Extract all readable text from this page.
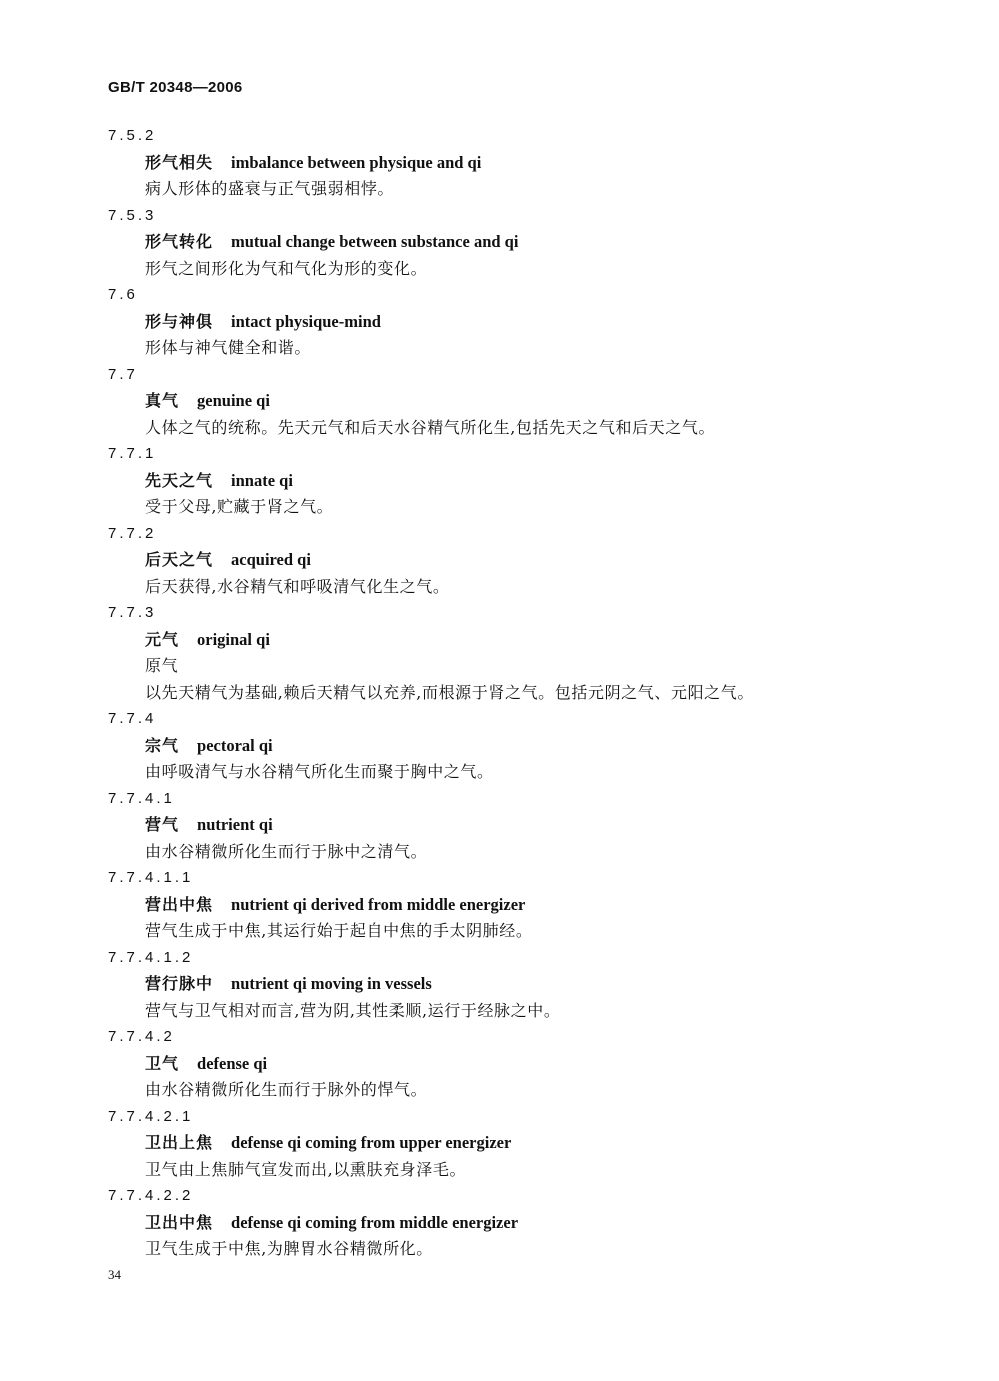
GB/T 20348—2006
7.5.2
形气相失 imbalance between physique and qi
病人形体的盛衰与正气强弱相悖。
7.5.3
形气转化 mutual change between substance and qi
形气之间形化为气和气化为形的变化。
7.6
形与神俱 intact physique-mind
形体与神气健全和谐。
7.7
真气 genuine qi
人体之气的统称。先天元气和后天水谷精气所化生,包括先天之气和后天之气。
7.7.1
先天之气 innate qi
受于父母,贮藏于肾之气。
7.7.2
后天之气 acquired qi
后天获得,水谷精气和呼吸清气化生之气。
7.7.3
元气 original qi
原气
以先天精气为基础,赖后天精气以充养,而根源于肾之气。包括元阴之气、元阳之气。
7.7.4
宗气 pectoral qi
由呼吸清气与水谷精气所化生而聚于胸中之气。
7.7.4.1
营气 nutrient qi
由水谷精微所化生而行于脉中之清气。
7.7.4.1.1
营出中焦 nutrient qi derived from middle energizer
营气生成于中焦,其运行始于起自中焦的手太阴肺经。
7.7.4.1.2
营行脉中 nutrient qi moving in vessels
营气与卫气相对而言,营为阴,其性柔顺,运行于经脉之中。
7.7.4.2
卫气 defense qi
由水谷精微所化生而行于脉外的悍气。
7.7.4.2.1
卫出上焦 defense qi coming from upper energizer
卫气由上焦肺气宣发而出,以熏肤充身泽毛。
7.7.4.2.2
卫出中焦 defense qi coming from middle energizer
卫气生成于中焦,为脾胃水谷精微所化。
34
